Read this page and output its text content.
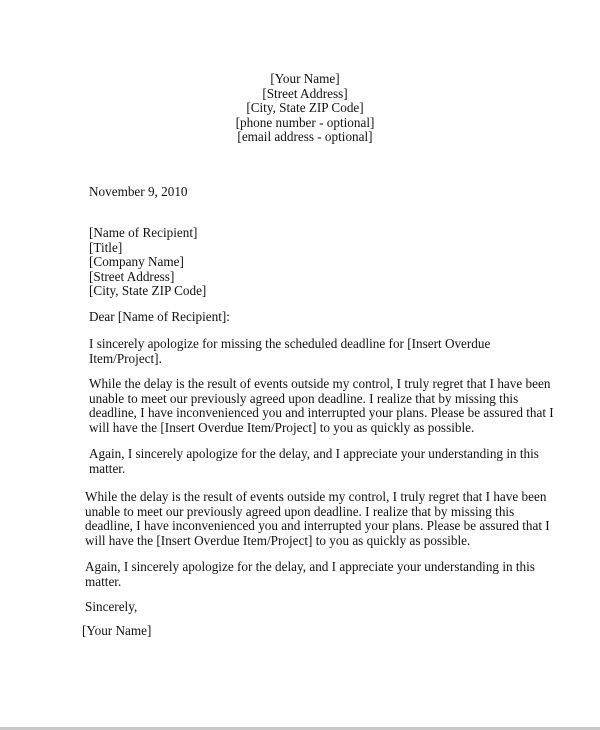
[Your Name]
[Street Address]
[City, State ZIP Code]
[phone number - optional]
[email address - optional]
November 9, 2010
[Name of Recipient]
[Title]
[Company Name]
[Street Address]
[City, State ZIP Code]
Dear [Name of Recipient]:
I sincerely apologize for missing the scheduled deadline for [Insert Overdue
Item/Project].
While the delay is the result of events outside my control, I truly regret that I have been
unable to meet our previously agreed upon deadline. I realize that by missing this
deadline, I have inconvenienced you and interrupted your plans. Please be assured that I
will have the [Insert Overdue Item/Project] to you as quickly as possible.
Again, I sincerely apologize for the delay, and I appreciate your understanding in this
matter.
While the delay is the result of events outside my control, I truly regret that I have been
unable to meet our previously agreed upon deadline. I realize that by missing this
deadline, I have inconvenienced you and interrupted your plans. Please be assured that I
will have the [Insert Overdue Item/Project] to you as quickly as possible.
Again, I sincerely apologize for the delay, and I appreciate your understanding in this
matter.
Sincerely,
[Your Name]
